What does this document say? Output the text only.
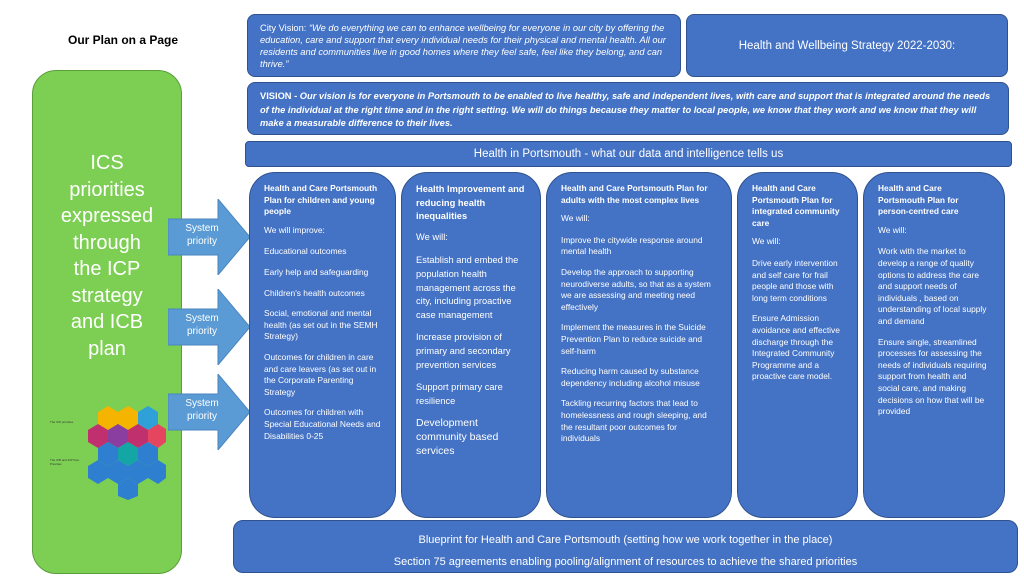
Our Plan on a Page
City Vision: “We do everything we can to enhance wellbeing for everyone in our city by offering the education, care and support that every individual needs for their physical and mental health. All our residents and communities live in good homes where they feel safe, feel like they belong, and can thrive.”
Health and Wellbeing Strategy 2022-2030:
VISION - Our vision is for everyone in Portsmouth to be enabled to live healthy, safe and independent lives, with care and support that is integrated around the needs of the individual at the right time and in the right setting. We will do things because they matter to local people, we know that they work and we know that they will make a measurable difference to their lives.
Health in Portsmouth - what our data and intelligence tells us
ICS
priorities
expressed
through
the ICP
strategy
and ICB
plan
The ICP priorities
The ICB and ICP Five Priorities
System priority
System priority
System priority
Health and Care Portsmouth Plan for children and young people
We will improve:
Educational outcomes
Early help and safeguarding
Children's health outcomes
Social, emotional and mental health (as set out in the SEMH Strategy)
Outcomes for children in care and care leavers (as set out in the Corporate Parenting Strategy
Outcomes for children with Special Educational Needs and Disabilities 0-25
Health Improvement and reducing health inequalities
We will:
Establish and embed the population health management across the city, including proactive case management
Increase provision of primary and secondary prevention services
Support primary care resilience
Development community based services
Health and Care Portsmouth Plan for adults with the most complex lives
We will:
Improve the citywide response around mental health
Develop the approach to supporting neurodiverse adults, so that as a system we are assessing and meeting need effectively
Implement the measures in the Suicide Prevention Plan to reduce suicide and self-harm
Reducing harm caused by substance dependency including alcohol misuse
Tackling recurring factors that lead to homelessness and rough sleeping, and the resultant poor outcomes for individuals
Health and Care Portsmouth Plan for integrated community care
We will:
Drive early intervention and self care for frail people and those with long term conditions
Ensure Admission avoidance and effective discharge through the Integrated Community Programme and a proactive care model.
Health and Care Portsmouth Plan for person-centred care
We will:
Work with the market to develop a range of quality options to address the care and support needs of individuals , based on understanding of local supply and demand
Ensure single, streamlined processes for assessing the needs of individuals requiring support from health and social care, and making decisions on how that will be provided
Blueprint for Health and Care Portsmouth (setting how we work together in the place)
Section 75 agreements enabling pooling/alignment of resources to achieve the shared priorities
